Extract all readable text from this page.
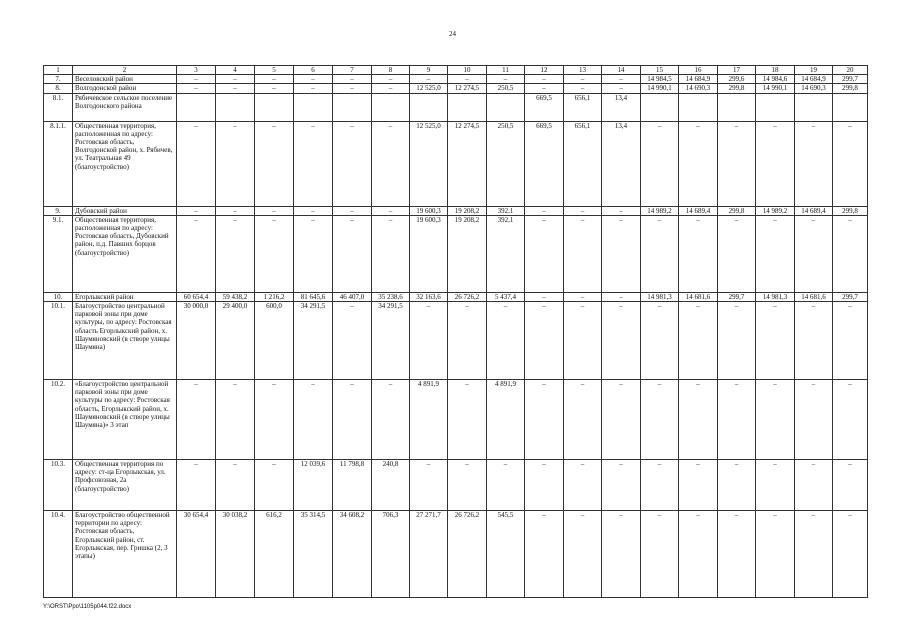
24
1	2	3	4	5	6	7	8	9	10	11	12	13	14	15	16	17	18	19	20
7.	Веселовский район	–	–	–	–	–	–	–	–	–	–	–	–	14 984,5	14 684,9	299,6	14 984,6	14 684,9	299,7
8.	Волгодонской район	–	–	–	–	–	–	12 525,0	12 274,5	250,5	–	–	–	14 990,1	14 690,3	299,8	14 990,1	14 690,3	299,8
8.1.	Рябичевское сельское поселение Волгодонского района										669,5	656,1	13,4						
8.1.1.	Общественная территория, расположенная по адресу: Ростовская область, Волгодонской район, х. Рябичев, ул. Театральная 49 (благоустройство)	–	–	–	–	–	–	12 525,0	12 274,5	250,5	669,5	656,1	13,4	–	–	–	–	–	–
9.	Дубовский район	–	–	–	–	–	–	19 600,3	19 208,2	392,1	–	–	–	14 989,2	14 689,4	299,8	14 989,2	14 689,4	299,8
9.1.	Общественная территория, расположенная по адресу: Ростовская область, Дубовский район, п.д. Павших борцов (благоустройство)	–	–	–	–	–	–	19 600,3	19 208,2	392,1	–	–	–	–	–	–	–	–	–
10.	Егорлыкский район	60 654,4	59 438,2	1 216,2	81 645,6	46 407,0	35 238,6	32 163,6	26 726,2	5 437,4	–	–	–	14 981,3	14 681,6	299,7	14 981,3	14 681,6	299,7
10.1.	Благоустройство центральной парковой зоны при доме культуры, по адресу: Ростовская область Егорлыкский район, х. Шаумяновский (в створе улицы Шаумяна)	30 000,0	29 400,0	600,0	34 291,5	–	34 291,5	–	–	–	–	–	–	–	–	–	–	–	–
10.2.	«Благоустройство центральной парковой зоны при доме культуры по адресу: Ростовская область, Егорлыкский район, х. Шаумяновский (в створе улицы Шаумяна)» 3 этап	–	–	–	–	–	–	4 891,9	–	4 891,9	–	–	–	–	–	–	–	–	–
10.3.	Общественная территория по адресу: ст-ца Егорлыкская, ул. Профсоюзная, 2а (благоустройство)	–	–	–	12 039,6	11 798,8	240,8	–	–	–	–	–	–	–	–	–	–	–	–
10.4.	Благоустройство общественной территории по адресу: Ростовская область, Егорлыкский район, ст. Егорлыкская, пер. Гришка (2, 3 этапы)	30 654,4	30 038,2	616,2	35 314,5	34 608,2	706,3	27 271,7	26 726,2	545,5	–	–	–	–	–	–	–	–	–
Y:\ORST\Ppo\1105p044.f22.docx
